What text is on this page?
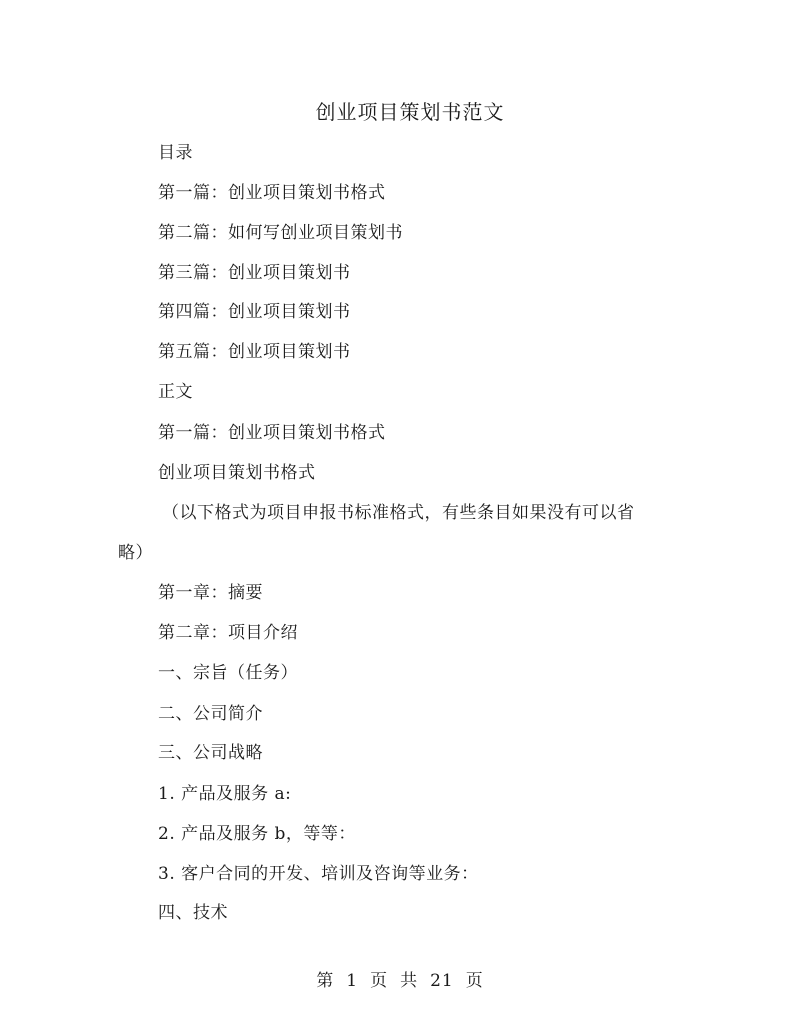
创业项目策划书范文
目录
第一篇：创业项目策划书格式
第二篇：如何写创业项目策划书
第三篇：创业项目策划书
第四篇：创业项目策划书
第五篇：创业项目策划书
正文
第一篇：创业项目策划书格式
创业项目策划书格式
（以下格式为项目申报书标准格式，有些条目如果没有可以省
略）
第一章：摘要
第二章：项目介绍
一、宗旨（任务）
二、公司简介
三、公司战略
1. 产品及服务 a:
2. 产品及服务 b，等等：
3. 客户合同的开发、培训及咨询等业务：
四、技术
第 1 页 共 21 页
